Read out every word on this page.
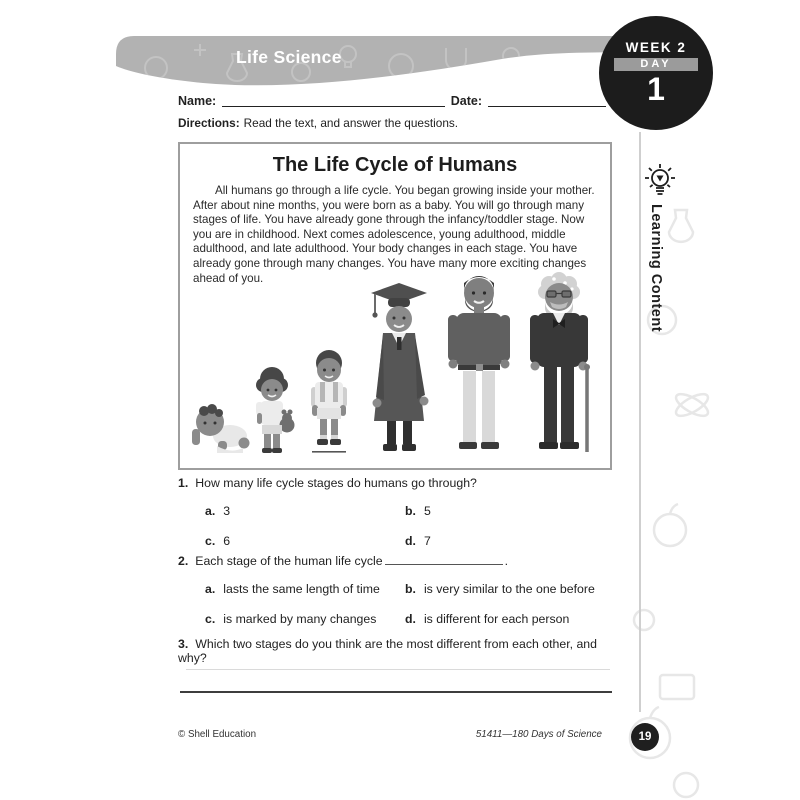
Life Science	WEEK 2
DAY
1
Learning Content
Name:	Date:
Directions: Read the text, and answer the questions.
The Life Cycle of Humans

All humans go through a life cycle. You began growing inside your mother. After about nine months, you were born as a baby. You will go through many stages of life. You have already gone through the infancy/toddler stage. Now you are in childhood. Next comes adolescence, young adulthood, middle adulthood, and late adulthood. Your body changes in each stage. You have already gone through many changes. You have many more exciting changes ahead of you.

1. How many life cycle stages do humans go through?
a. 3	b. 5
c. 6	d. 7
2. Each stage of the human life cycle	.
a. lasts the same length of time	b. is very similar to the one before
c. is marked by many changes	d. is different for each person
3. Which two stages do you think are the most different from each other, and why?
© Shell Education	51411—180 Days of Science	19
